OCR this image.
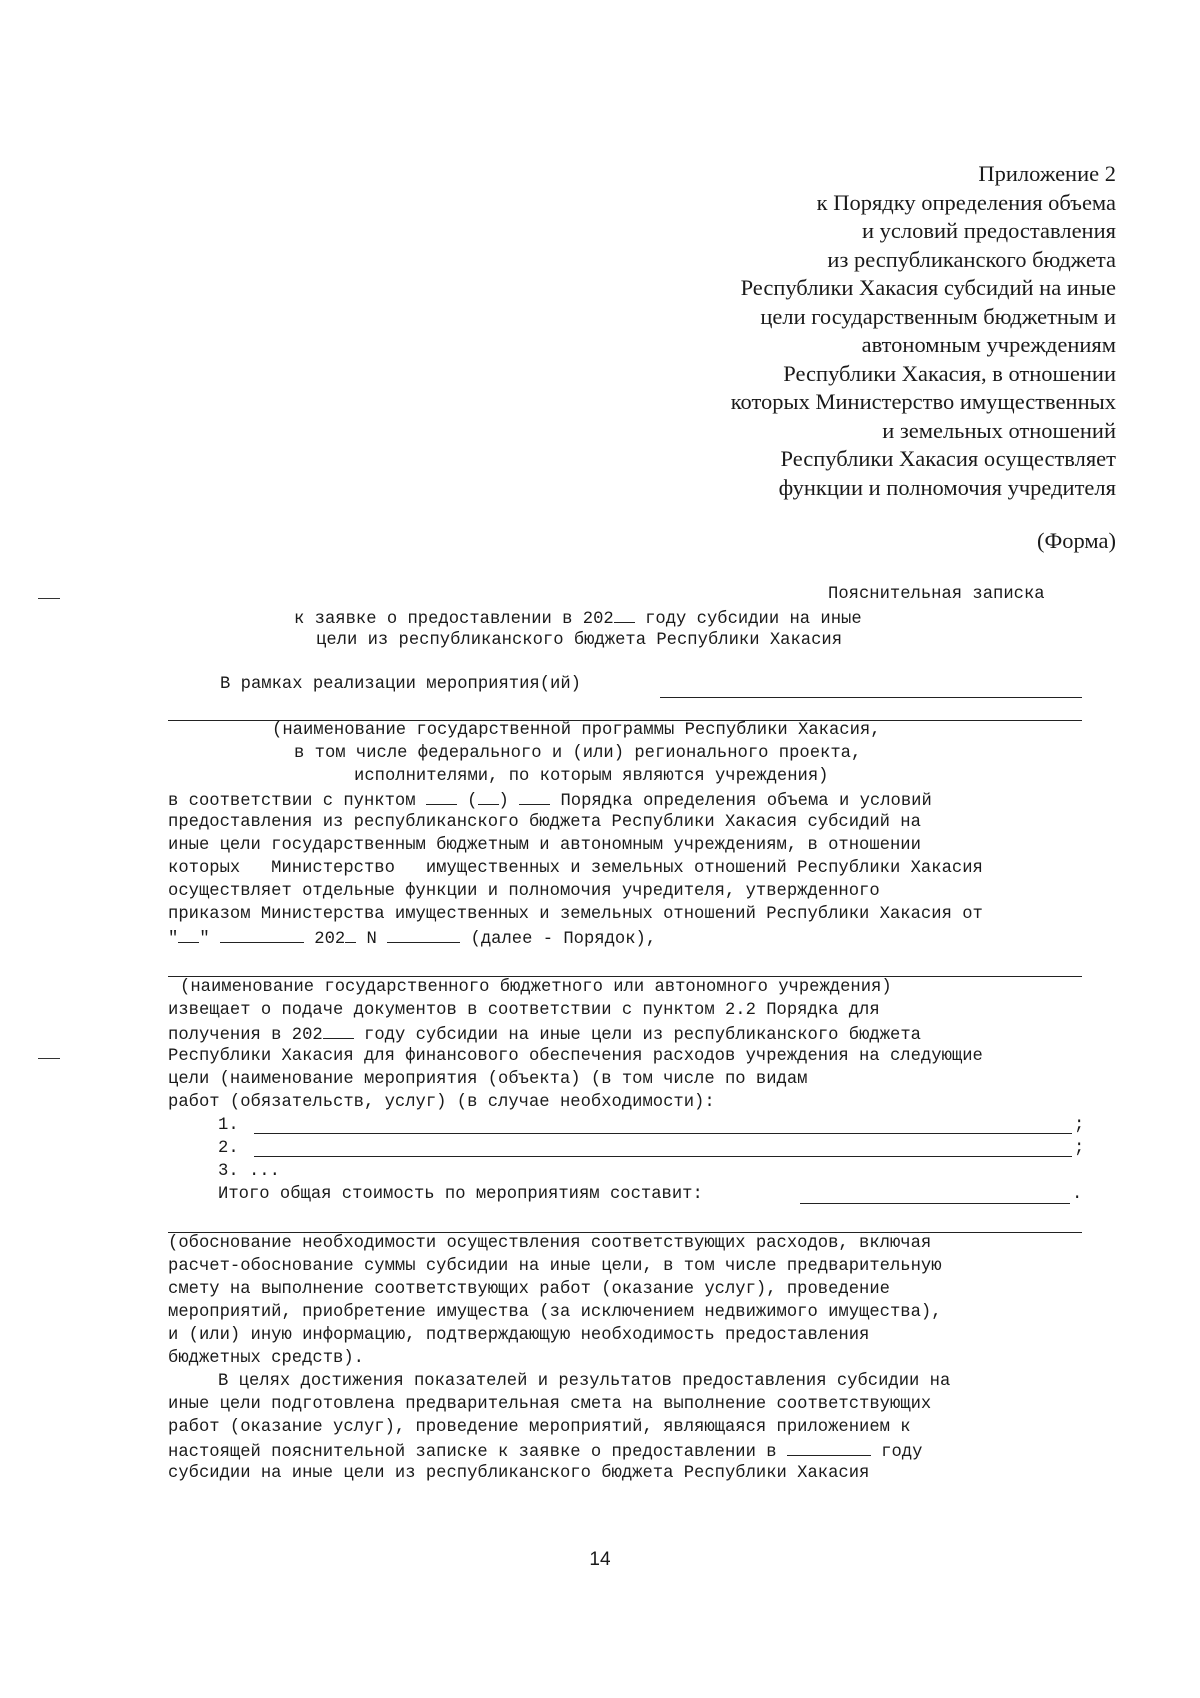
Приложение 2
к Порядку определения объема
и условий предоставления
из республиканского бюджета
Республики Хакасия субсидий на иные
цели государственным бюджетным и
автономным учреждениям
Республики Хакасия, в отношении
которых Министерство имущественных
и земельных отношений
Республики Хакасия осуществляет
функции и полномочия учредителя
(Форма)
Пояснительная записка
к заявке о предоставлении в 202 году субсидии на иные
цели из республиканского бюджета Республики Хакасия
В рамках реализации мероприятия(ий)
(наименование государственной программы Республики Хакасия,
в том числе федерального и (или) регионального проекта,
исполнителями, по которым являются учреждения)
в соответствии с пунктом  ( )  Порядка определения объема и условий
предоставления из республиканского бюджета Республики Хакасия субсидий на
иные цели государственным бюджетным и автономным учреждениям, в отношении
которых   Министерство   имущественных и земельных отношений Республики Хакасия
осуществляет отдельные функции и полномочия учредителя, утвержденного
приказом Министерства имущественных и земельных отношений Республики Хакасия от
" "	202 N	(далее - Порядок),
(наименование государственного бюджетного или автономного учреждения)
извещает о подаче документов в соответствии с пунктом 2.2 Порядка для
получения в 202 году субсидии на иные цели из республиканского бюджета
Республики Хакасия для финансового обеспечения расходов учреждения на следующие
цели (наименование мероприятия (объекта) (в том числе по видам
работ (обязательств, услуг) (в случае необходимости):
1.	;
2.	;
3. ...
Итого общая стоимость по мероприятиям составит:	.
(обоснование необходимости осуществления соответствующих расходов, включая
расчет-обоснование суммы субсидии на иные цели, в том числе предварительную
смету на выполнение соответствующих работ (оказание услуг), проведение
мероприятий, приобретение имущества (за исключением недвижимого имущества),
и (или) иную информацию, подтверждающую необходимость предоставления
бюджетных средств).
В целях достижения показателей и результатов предоставления субсидии на
иные цели подготовлена предварительная смета на выполнение соответствующих
работ (оказание услуг), проведение мероприятий, являющаяся приложением к
настоящей пояснительной записке к заявке о предоставлении в	году
субсидии на иные цели из республиканского бюджета Республики Хакасия
14
